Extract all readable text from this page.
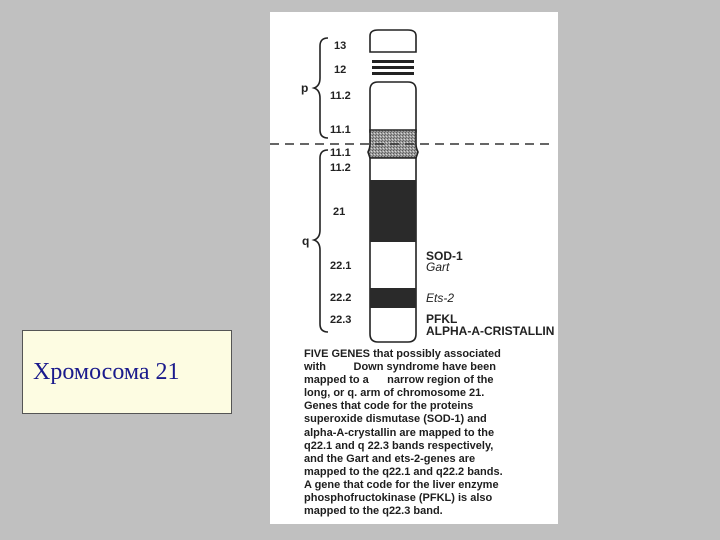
Хромосома 21
p
q
13
12
11.2
11.1
11.1
11.2
21
22.1
22.2
22.3
SOD-1
Gart
Ets-2
PFKL
ALPHA-A-CRISTALLIN
FIVE GENES that possibly associated
with         Down syndrome have been
mapped to a      narrow region of the
long, or q. arm of chromosome 21.
Genes that code for the proteins
superoxide dismutase (SOD-1) and
alpha-A-crystallin are mapped to the
q22.1 and q 22.3 bands respectively,
and the Gart and ets-2-genes are
mapped to the q22.1 and q22.2 bands.
A gene that code for the liver enzyme
phosphofructokinase (PFKL) is also
mapped to the q22.3 band.
